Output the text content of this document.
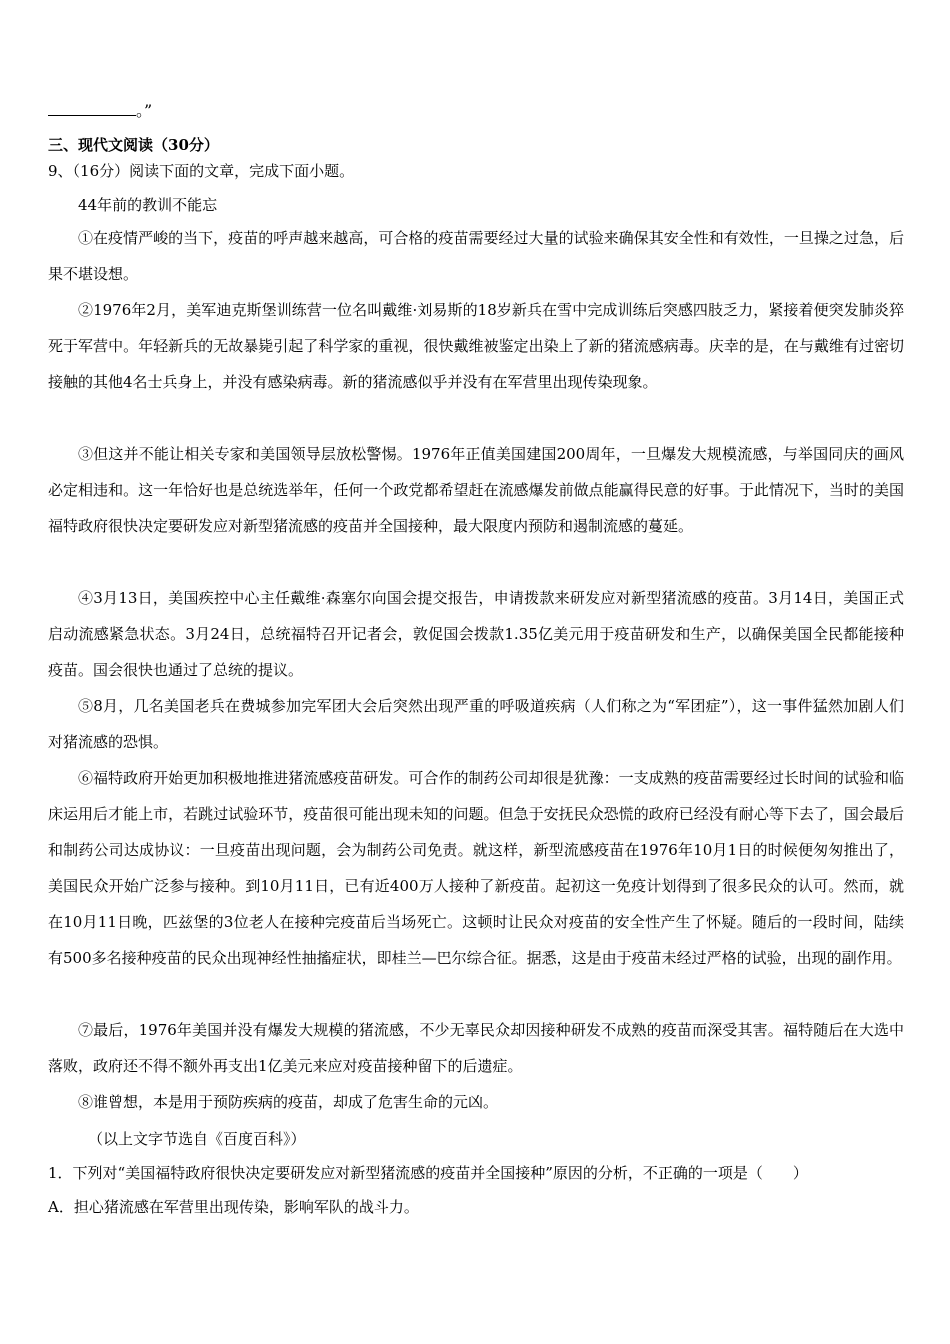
。”
三、现代文阅读（30分）
9、（16分）阅读下面的文章，完成下面小题。
44年前的教训不能忘
①在疫情严峻的当下，疫苗的呼声越来越高，可合格的疫苗需要经过大量的试验来确保其安全性和有效性，一旦操之过急，后果不堪设想。
②1976年2月，美军迪克斯堡训练营一位名叫戴维·刘易斯的18岁新兵在雪中完成训练后突感四肢乏力，紧接着便突发肺炎猝死于军营中。年轻新兵的无故暴毙引起了科学家的重视，很快戴维被鉴定出染上了新的猪流感病毒。庆幸的是，在与戴维有过密切接触的其他4名士兵身上，并没有感染病毒。新的猪流感似乎并没有在军营里出现传染现象。
③但这并不能让相关专家和美国领导层放松警惕。1976年正值美国建国200周年，一旦爆发大规模流感，与举国同庆的画风必定相违和。这一年恰好也是总统选举年，任何一个政党都希望赶在流感爆发前做点能赢得民意的好事。于此情况下，当时的美国福特政府很快决定要研发应对新型猪流感的疫苗并全国接种，最大限度内预防和遏制流感的蔓延。
④3月13日，美国疾控中心主任戴维·森塞尔向国会提交报告，申请拨款来研发应对新型猪流感的疫苗。3月14日，美国正式启动流感紧急状态。3月24日，总统福特召开记者会，敦促国会拨款1.35亿美元用于疫苗研发和生产，以确保美国全民都能接种疫苗。国会很快也通过了总统的提议。
⑤8月，几名美国老兵在费城参加完军团大会后突然出现严重的呼吸道疾病（人们称之为“军团症”），这一事件猛然加剧人们对猪流感的恐惧。
⑥福特政府开始更加积极地推进猪流感疫苗研发。可合作的制药公司却很是犹豫：一支成熟的疫苗需要经过长时间的试验和临床运用后才能上市，若跳过试验环节，疫苗很可能出现未知的问题。但急于安抚民众恐慌的政府已经没有耐心等下去了，国会最后和制药公司达成协议：一旦疫苗出现问题，会为制药公司免责。就这样，新型流感疫苗在1976年10月1日的时候便匆匆推出了，美国民众开始广泛参与接种。到10月11日，已有近400万人接种了新疫苗。起初这一免疫计划得到了很多民众的认可。然而，就在10月11日晚，匹兹堡的3位老人在接种完疫苗后当场死亡。这顿时让民众对疫苗的安全性产生了怀疑。随后的一段时间，陆续有500多名接种疫苗的民众出现神经性抽搐症状，即桂兰—巴尔综合征。据悉，这是由于疫苗未经过严格的试验，出现的副作用。
⑦最后，1976年美国并没有爆发大规模的猪流感，不少无辜民众却因接种研发不成熟的疫苗而深受其害。福特随后在大选中落败，政府还不得不额外再支出1亿美元来应对疫苗接种留下的后遗症。
⑧谁曾想，本是用于预防疾病的疫苗，却成了危害生命的元凶。
（以上文字节选自《百度百科》）
1．下列对“美国福特政府很快决定要研发应对新型猪流感的疫苗并全国接种”原因的分析，不正确的一项是（　　）
A．担心猪流感在军营里出现传染，影响军队的战斗力。
